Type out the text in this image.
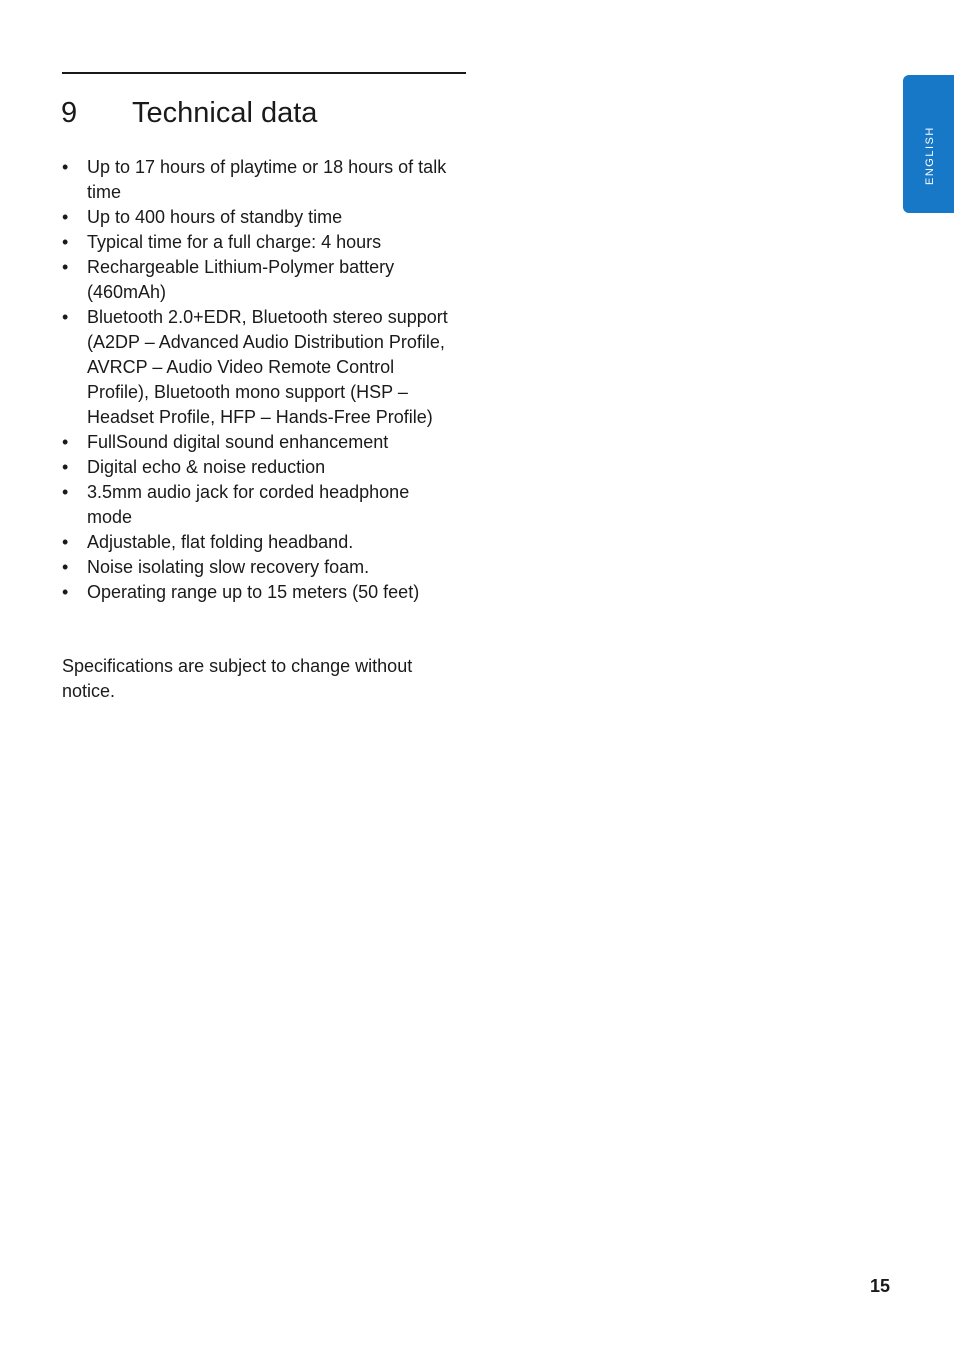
9 Technical data
•	Up to 17 hours of playtime or 18 hours of talk time
•	Up to 400 hours of standby time
•	Typical time for a full charge: 4 hours
•	Rechargeable Lithium-Polymer battery (460mAh)
•	Bluetooth 2.0+EDR, Bluetooth stereo support (A2DP – Advanced Audio Distribution Profile, AVRCP – Audio Video Remote Control Profile), Bluetooth mono support (HSP – Headset Profile, HFP – Hands-Free Profile)
•	FullSound digital sound enhancement
•	Digital echo & noise reduction
•	3.5mm audio jack for corded headphone mode
•	Adjustable, flat folding headband.
•	Noise isolating slow recovery foam.
•	Operating range up to 15 meters (50 feet)

Specifications are subject to change without notice.

ENGLISH
15
